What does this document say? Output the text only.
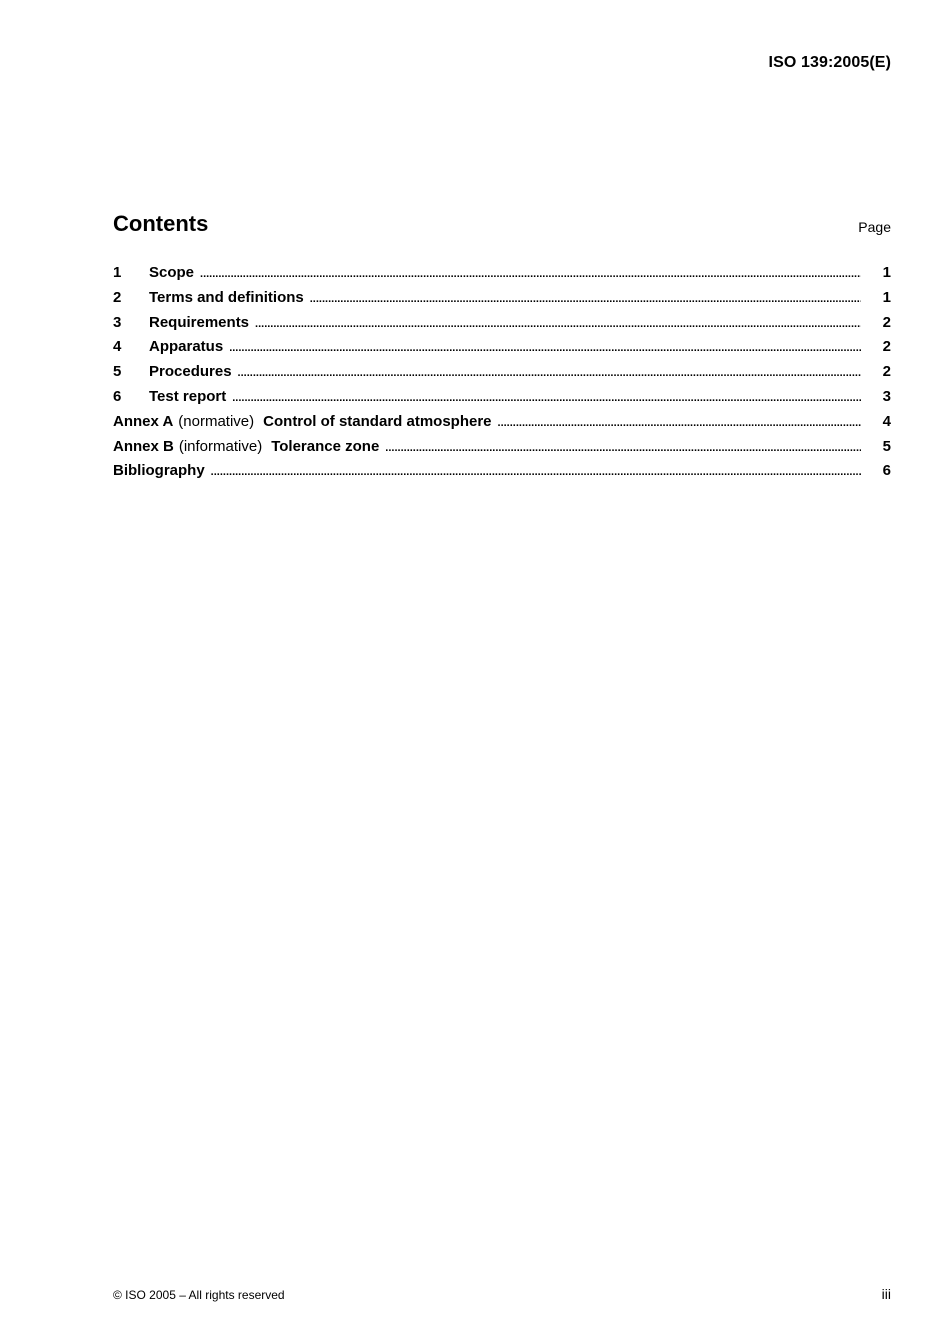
ISO 139:2005(E)
Contents	Page
1	Scope .....	1
2	Terms and definitions .....	1
3	Requirements .....	2
4	Apparatus .....	2
5	Procedures .....	2
6	Test report .....	3
Annex A (normative) Control of standard atmosphere .....	4
Annex B (informative) Tolerance zone .....	5
Bibliography .....	6
© ISO 2005 – All rights reserved	iii
